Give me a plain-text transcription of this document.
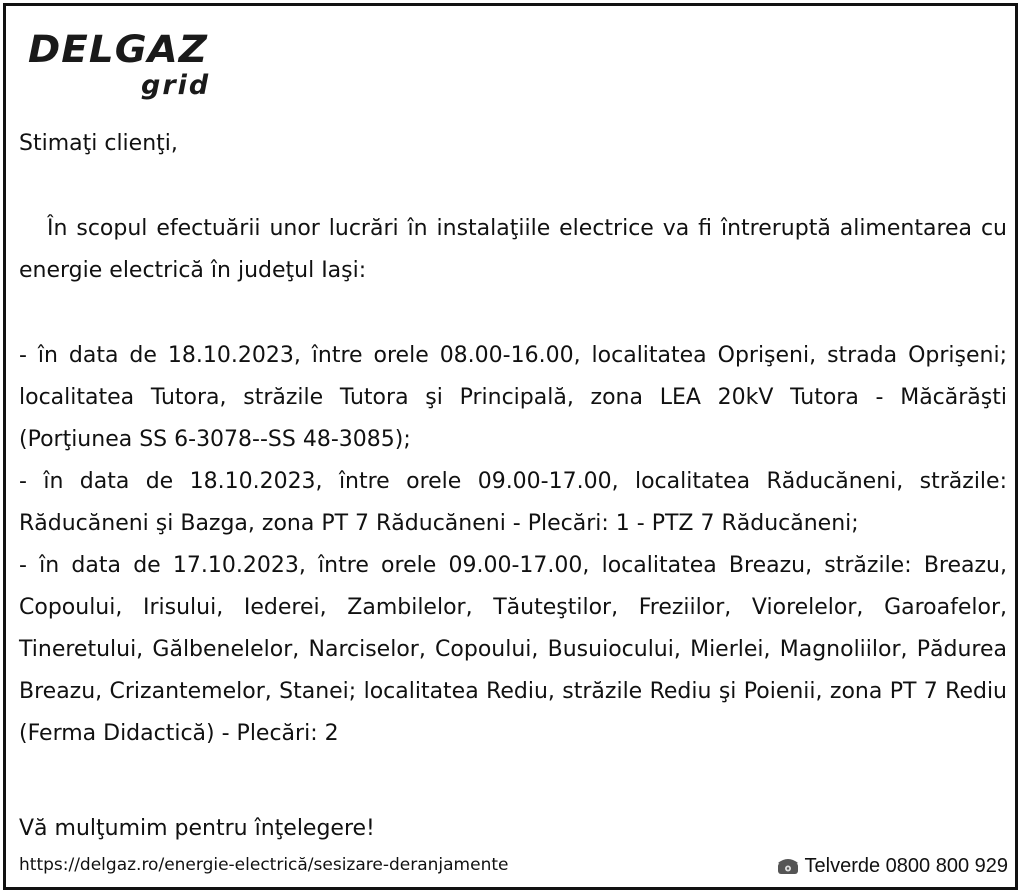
DELGAZ
grid
Stimaţi clienţi,
În scopul efectuării unor lucrări în instalaţiile electrice va fi întreruptă alimentarea cu energie electrică în judeţul Iaşi:

- în data de 18.10.2023, între orele 08.00-16.00, localitatea Oprişeni, strada Oprişeni; localitatea Tutora, străzile Tutora şi Principală, zona LEA 20kV Tutora - Măcărăşti (Porţiunea SS 6-3078--SS 48-3085);

- în data de 18.10.2023, între orele 09.00-17.00, localitatea Răducăneni, străzile: Răducăneni şi Bazga, zona PT 7 Răducăneni - Plecări: 1 - PTZ 7 Răducăneni;

- în data de 17.10.2023, între orele 09.00-17.00, localitatea Breazu, străzile: Breazu, Copoului, Irisului, Iederei, Zambilelor, Tăuteştilor, Freziilor, Viorelelor, Garoafelor, Tineretului, Gălbenelelor, Narciselor, Copoului, Busuiocului, Mierlei, Magnoliilor, Pădurea Breazu, Crizantemelor, Stanei; localitatea Rediu, străzile Rediu şi Poienii, zona PT 7 Rediu (Ferma Didactică) - Plecări: 2

Vă mulţumim pentru înţelegere!
https://delgaz.ro/energie-electrică/sesizare-deranjamente	Telverde 0800 800 929
